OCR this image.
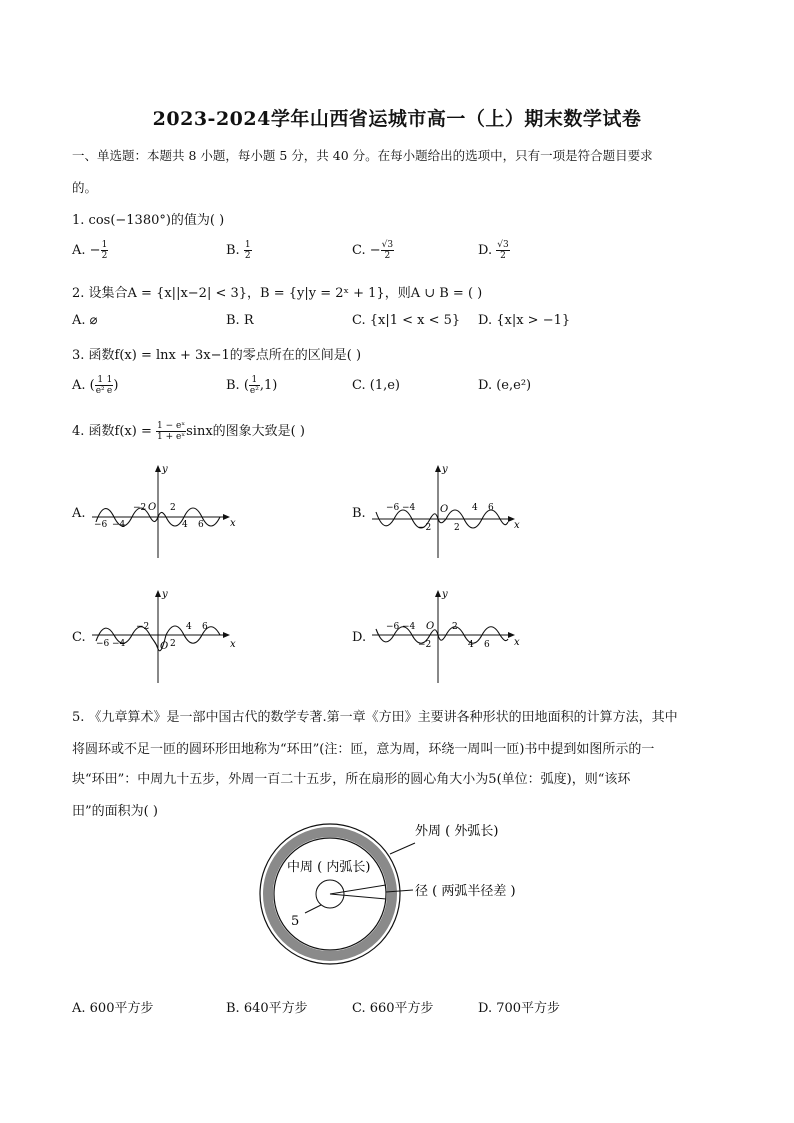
2023-2024学年山西省运城市高一（上）期末数学试卷
一、单选题：本题共 8 小题，每小题 5 分，共 40 分。在每小题给出的选项中，只有一项是符合题目要求
的。
1. cos(−1380°)的值为( )
A. − $\frac{1}{2}$	B. $\frac{1}{2}$	C. − $\frac{√3}{2}$	D. $\frac{√3}{2}$
2. 设集合A = {x||x−2| < 3}，B = {y|y = 2ˣ + 1}，则A ∪ B = ( )
A. ⌀	B. R	C. {x|1 < x < 5} D. {x|x > −1}
3. 函数f(x) = lnx + 3x−1的零点所在的区间是( )
A. ( $\frac{1}{\text{e²}} \frac{1}{e}$ )	B. ( $\frac{1}{\text{e²}} ,1$)	C. (1,e)	D. (e,e²)
4. 函数$f(x) = \frac{\text{1 − eˣ}}{\text{1 + eˣ}}$ sinx的图象大致是( )
A.	B.
C.	D.
x
y
O
−6 −4
−2	2
4 6	x
y
O
−6 −4
−2	2
4 6
x
y
O
−6 −4
−2
2
4 6
x
y
O
−6 −4
−2
2
4 6
5. 《九章算术》是一部中国古代的数学专著.第一章《方田》主要讲各种形状的田地面积的计算方法，其中
将圆环或不足一匝的圆环形田地称为“环田”(注：匝，意为周，环绕一周叫一匝)书中提到如图所示的一
块“环田”：中周九十五步，外周一百二十五步，所在扇形的圆心角大小为5(单位：弧度)，则“该环
田”的面积为( )
外周 ( 外弧长)
中周 ( 内弧长)
径 ( 两弧半径差 )
5
A. 600平方步	B. 640平方步	C. 660平方步	D. 700平方步
